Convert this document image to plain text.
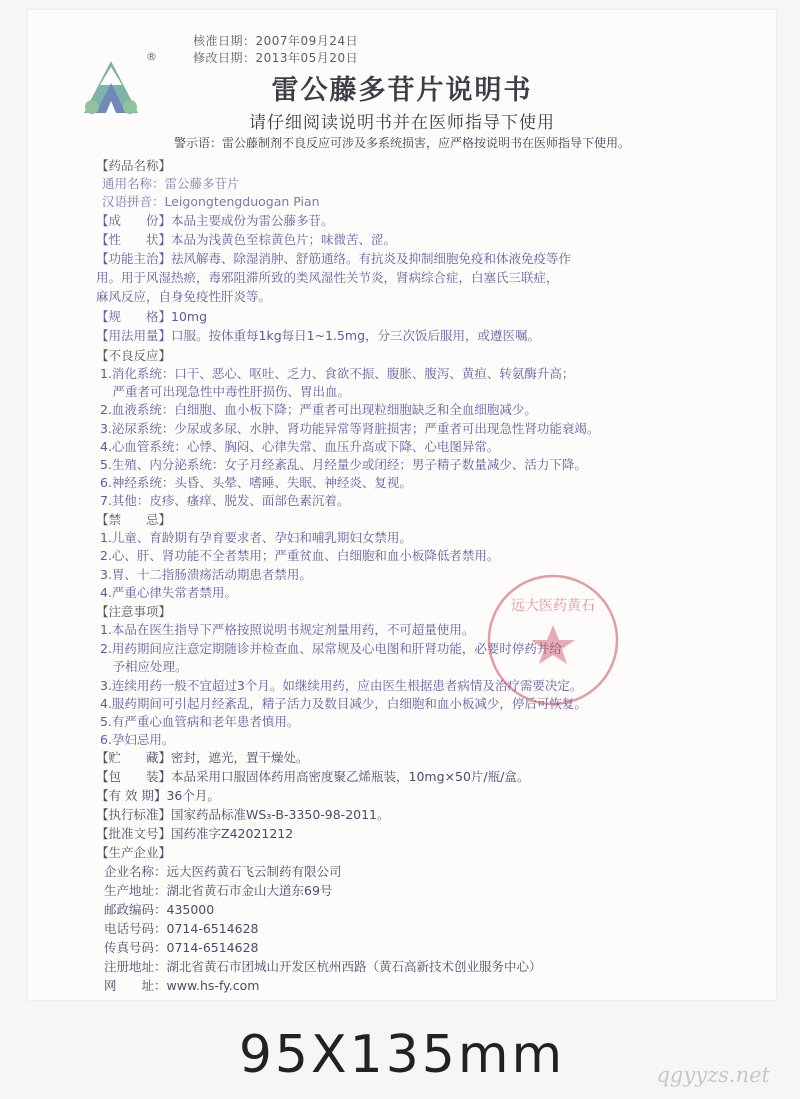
核准日期：2007年09月24日
修改日期：2013年05月20日
®
雷公藤多苷片说明书
请仔细阅读说明书并在医师指导下使用
警示语：雷公藤制剂不良反应可涉及多系统损害，应严格按说明书在医师指导下使用。
【药品名称】
通用名称：雷公藤多苷片
汉语拼音：Leigongtengduogan Pian
【成　　份】本品主要成份为雷公藤多苷。
【性　　状】本品为浅黄色至棕黄色片；味微苦、涩。
【功能主治】祛风解毒、除湿消肿、舒筋通络。有抗炎及抑制细胞免疫和体液免疫等作
用。用于风湿热瘀，毒邪阻滞所致的类风湿性关节炎，肾病综合症，白塞氏三联症，
麻风反应，自身免疫性肝炎等。
【规　　格】10mg
【用法用量】口服。按体重每1kg每日1~1.5mg，分三次饭后服用，或遵医嘱。
【不良反应】
1.消化系统：口干、恶心、呕吐、乏力、食欲不振、腹胀、腹泻、黄疸、转氨酶升高；
　严重者可出现急性中毒性肝损伤、胃出血。
2.血液系统：白细胞、血小板下降；严重者可出现粒细胞缺乏和全血细胞减少。
3.泌尿系统：少尿或多尿、水肿、肾功能异常等肾脏损害；严重者可出现急性肾功能衰竭。
4.心血管系统：心悸、胸闷、心律失常、血压升高或下降、心电图异常。
5.生殖、内分泌系统：女子月经紊乱、月经量少或闭经；男子精子数量减少、活力下降。
6.神经系统：头昏、头晕、嗜睡、失眠、神经炎、复视。
7.其他：皮疹、瘙痒、脱发、面部色素沉着。
【禁　　忌】
1.儿童、育龄期有孕育要求者、孕妇和哺乳期妇女禁用。
2.心、肝、肾功能不全者禁用；严重贫血、白细胞和血小板降低者禁用。
3.胃、十二指肠溃疡活动期患者禁用。
4.严重心律失常者禁用。
【注意事项】
1.本品在医生指导下严格按照说明书规定剂量用药，不可超量使用。
2.用药期间应注意定期随诊并检查血、尿常规及心电图和肝肾功能，必要时停药并给
　予相应处理。
3.连续用药一般不宜超过3个月。如继续用药，应由医生根据患者病情及治疗需要决定。
4.服药期间可引起月经紊乱，精子活力及数目减少，白细胞和血小板减少，停后可恢复。
5.有严重心血管病和老年患者慎用。
6.孕妇忌用。
【贮　　藏】密封，遮光，置干燥处。
【包　　装】本品采用口服固体药用高密度聚乙烯瓶装，10mg×50片/瓶/盒。
【有 效 期】36个月。
【执行标准】国家药品标准WS₃-B-3350-98-2011。
【批准文号】国药准字Z42021212
【生产企业】
企业名称：远大医药黄石飞云制药有限公司
生产地址：湖北省黄石市金山大道东69号
邮政编码：435000
电话号码：0714-6514628
传真号码：0714-6514628
注册地址：湖北省黄石市团城山开发区杭州西路（黄石高新技术创业服务中心）
网　　址：www.hs-fy.com
远大医药黄石
95X135mm	qgyyzs.net
